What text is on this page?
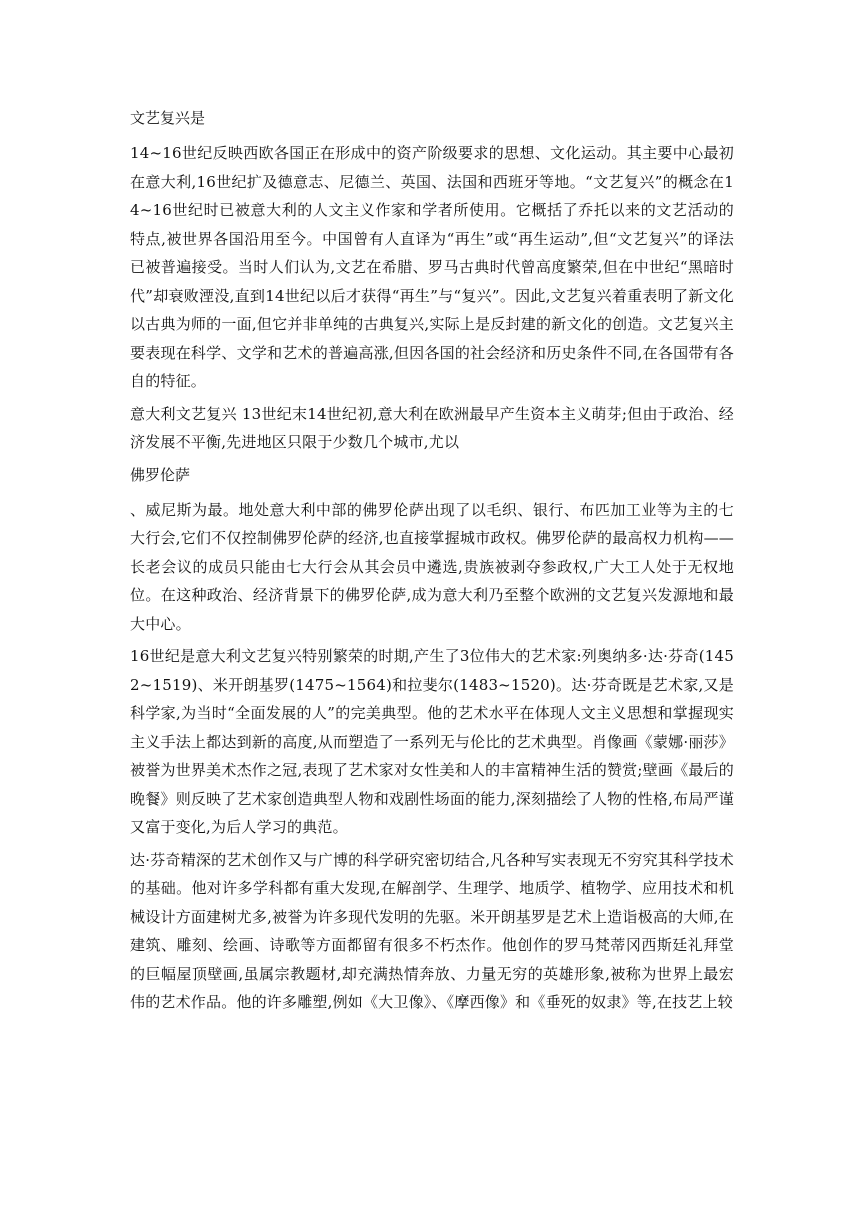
文艺复兴是

14~16世纪反映西欧各国正在形成中的资产阶级要求的思想、文化运动。其主要中心最初在意大利,16世纪扩及德意志、尼德兰、英国、法国和西班牙等地。“文艺复兴”的概念在14~16世纪时已被意大利的人文主义作家和学者所使用。它概括了乔托以来的文艺活动的特点,被世界各国沿用至今。中国曾有人直译为“再生”或“再生运动”,但“文艺复兴”的译法已被普遍接受。当时人们认为,文艺在希腊、罗马古典时代曾高度繁荣,但在中世纪“黑暗时代”却衰败湮没,直到14世纪以后才获得“再生”与“复兴”。因此,文艺复兴着重表明了新文化以古典为师的一面,但它并非单纯的古典复兴,实际上是反封建的新文化的创造。文艺复兴主要表现在科学、文学和艺术的普遍高涨,但因各国的社会经济和历史条件不同,在各国带有各自的特征。

意大利文艺复兴 13世纪末14世纪初,意大利在欧洲最早产生资本主义萌芽;但由于政治、经济发展不平衡,先进地区只限于少数几个城市,尤以

佛罗伦萨

、威尼斯为最。地处意大利中部的佛罗伦萨出现了以毛织、银行、布匹加工业等为主的七大行会,它们不仅控制佛罗伦萨的经济,也直接掌握城市政权。佛罗伦萨的最高权力机构——长老会议的成员只能由七大行会从其会员中遴选,贵族被剥夺参政权,广大工人处于无权地位。在这种政治、经济背景下的佛罗伦萨,成为意大利乃至整个欧洲的文艺复兴发源地和最大中心。

16世纪是意大利文艺复兴特别繁荣的时期,产生了3位伟大的艺术家:列奥纳多·达·芬奇(1452~1519)、米开朗基罗(1475~1564)和拉斐尔(1483~1520)。达·芬奇既是艺术家,又是科学家,为当时“全面发展的人”的完美典型。他的艺术水平在体现人文主义思想和掌握现实主义手法上都达到新的高度,从而塑造了一系列无与伦比的艺术典型。肖像画《蒙娜·丽莎》被誉为世界美术杰作之冠,表现了艺术家对女性美和人的丰富精神生活的赞赏;壁画《最后的晚餐》则反映了艺术家创造典型人物和戏剧性场面的能力,深刻描绘了人物的性格,布局严谨又富于变化,为后人学习的典范。

达·芬奇精深的艺术创作又与广博的科学研究密切结合,凡各种写实表现无不穷究其科学技术的基础。他对许多学科都有重大发现,在解剖学、生理学、地质学、植物学、应用技术和机械设计方面建树尤多,被誉为许多现代发明的先驱。米开朗基罗是艺术上造诣极高的大师,在建筑、雕刻、绘画、诗歌等方面都留有很多不朽杰作。他创作的罗马梵蒂冈西斯廷礼拜堂的巨幅屋顶壁画,虽属宗教题材,却充满热情奔放、力量无穷的英雄形象,被称为世界上最宏伟的艺术作品。他的许多雕塑,例如《大卫像》、《摩西像》和《垂死的奴隶》等,在技艺上较
